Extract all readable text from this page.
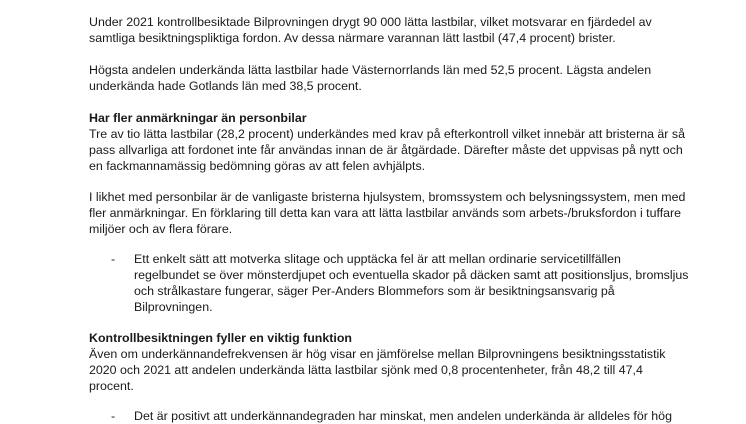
Under 2021 kontrollbesiktade Bilprovningen drygt 90 000 lätta lastbilar, vilket motsvarar en fjärdedel av samtliga besiktningspliktiga fordon. Av dessa närmare varannan lätt lastbil (47,4 procent) brister.

Högsta andelen underkända lätta lastbilar hade Västernorrlands län med 52,5 procent. Lägsta andelen underkända hade Gotlands län med 38,5 procent.

Har fler anmärkningar än personbilar

Tre av tio lätta lastbilar (28,2 procent) underkändes med krav på efterkontroll vilket innebär att bristerna är så pass allvarliga att fordonet inte får användas innan de är åtgärdade. Därefter måste det uppvisas på nytt och en fackmannamässig bedömning göras av att felen avhjälpts.

I likhet med personbilar är de vanligaste bristerna hjulsystem, bromssystem och belysningssystem, men med fler anmärkningar. En förklaring till detta kan vara att lätta lastbilar används som arbets-/bruksfordon i tuffare miljöer och av flera förare.

- Ett enkelt sätt att motverka slitage och upptäcka fel är att mellan ordinarie servicetillfällen regelbundet se över mönsterdjupet och eventuella skador på däcken samt att positionsljus, bromsljus och strålkastare fungerar, säger Per-Anders Blommefors som är besiktningsansvarig på Bilprovningen.

Kontrollbesiktningen fyller en viktig funktion

Även om underkännandefrekvensen är hög visar en jämförelse mellan Bilprovningens besiktningsstatistik 2020 och 2021 att andelen underkända lätta lastbilar sjönk med 0,8 procentenheter, från 48,2 till 47,4 procent.

- Det är positivt att underkännandegraden har minskat, men andelen underkända är alldeles för hög
